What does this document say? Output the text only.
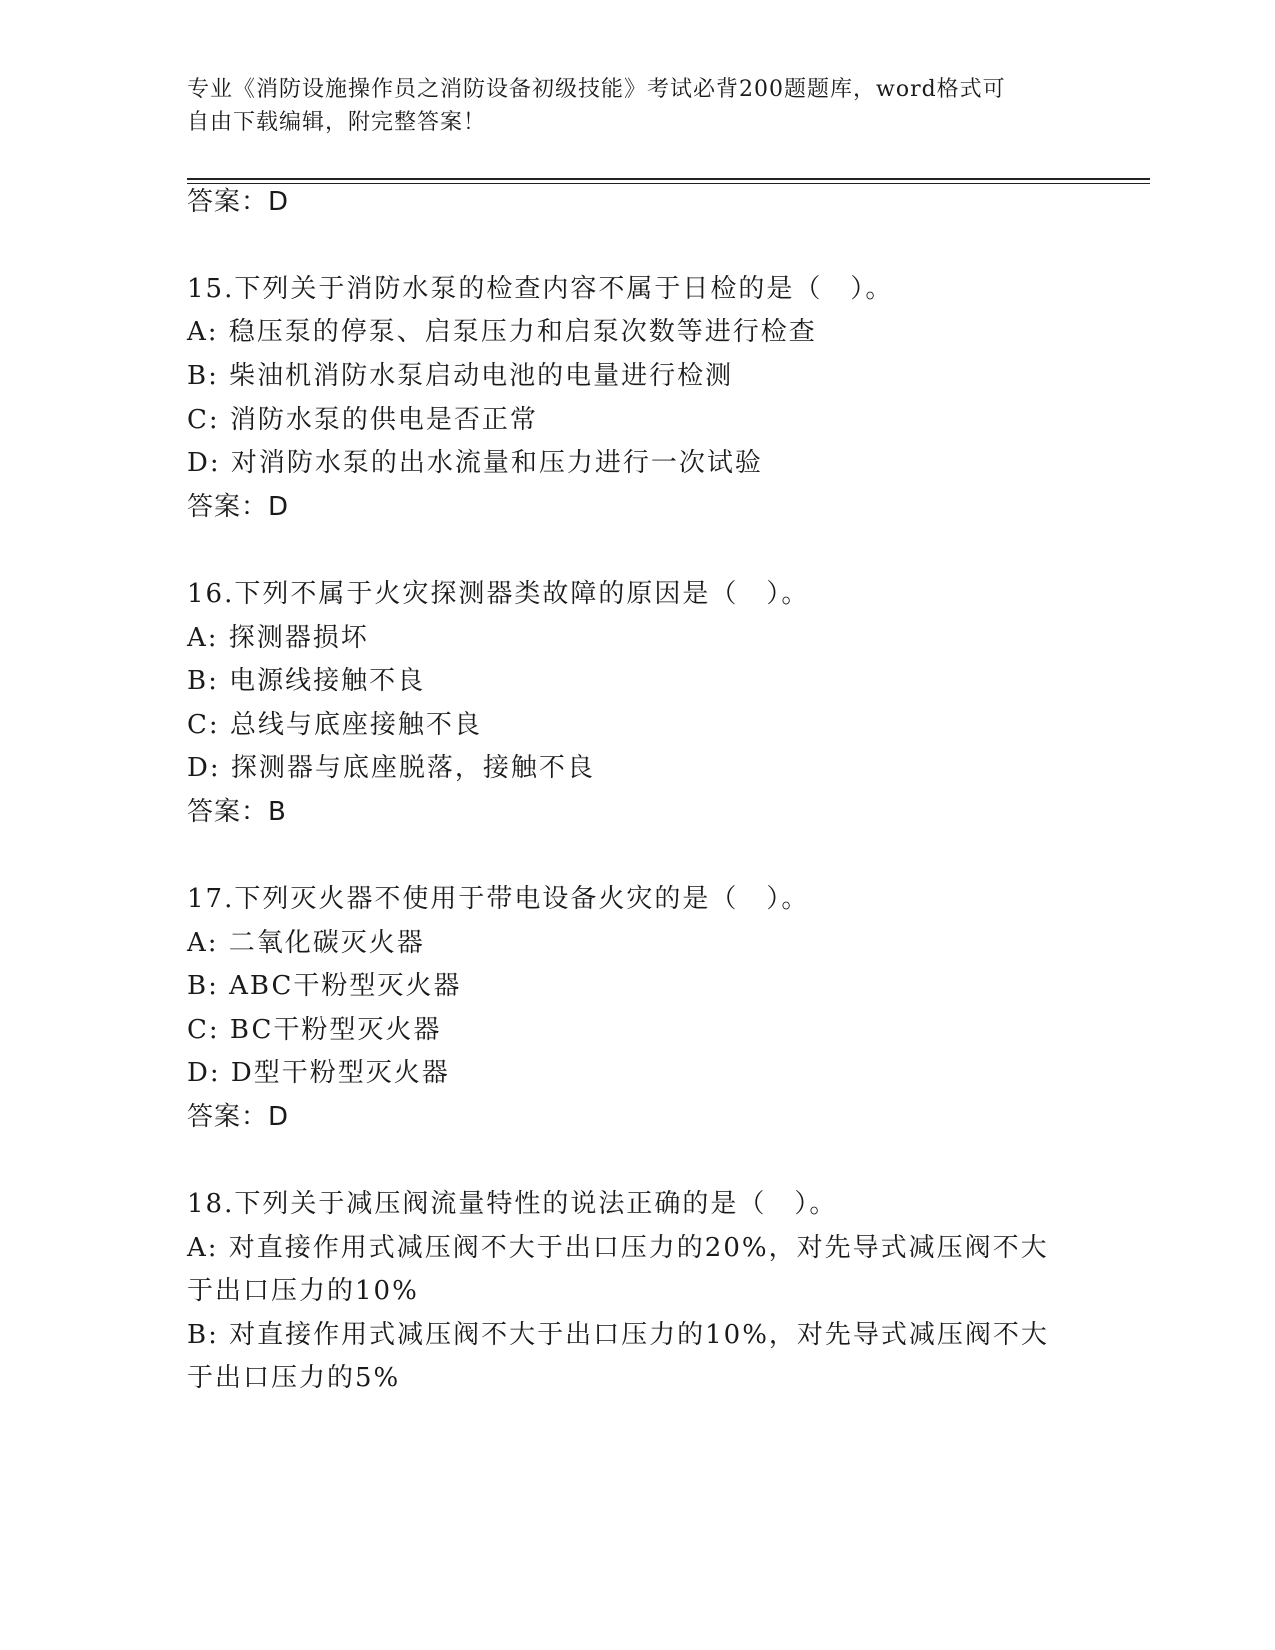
专业《消防设施操作员之消防设备初级技能》考试必背200题题库，word格式可
自由下载编辑，附完整答案！
答案：D
15.下列关于消防水泵的检查内容不属于日检的是（　）。
A: 稳压泵的停泵、启泵压力和启泵次数等进行检查
B: 柴油机消防水泵启动电池的电量进行检测
C: 消防水泵的供电是否正常
D: 对消防水泵的出水流量和压力进行一次试验
答案：D
16.下列不属于火灾探测器类故障的原因是（　）。
A: 探测器损坏
B: 电源线接触不良
C: 总线与底座接触不良
D: 探测器与底座脱落，接触不良
答案：B
17.下列灭火器不使用于带电设备火灾的是（　）。
A: 二氧化碳灭火器
B: ABC干粉型灭火器
C: BC干粉型灭火器
D: D型干粉型灭火器
答案：D
18.下列关于减压阀流量特性的说法正确的是（　）。
A: 对直接作用式减压阀不大于出口压力的20%，对先导式减压阀不大
于出口压力的10%
B: 对直接作用式减压阀不大于出口压力的10%，对先导式减压阀不大
于出口压力的5%
